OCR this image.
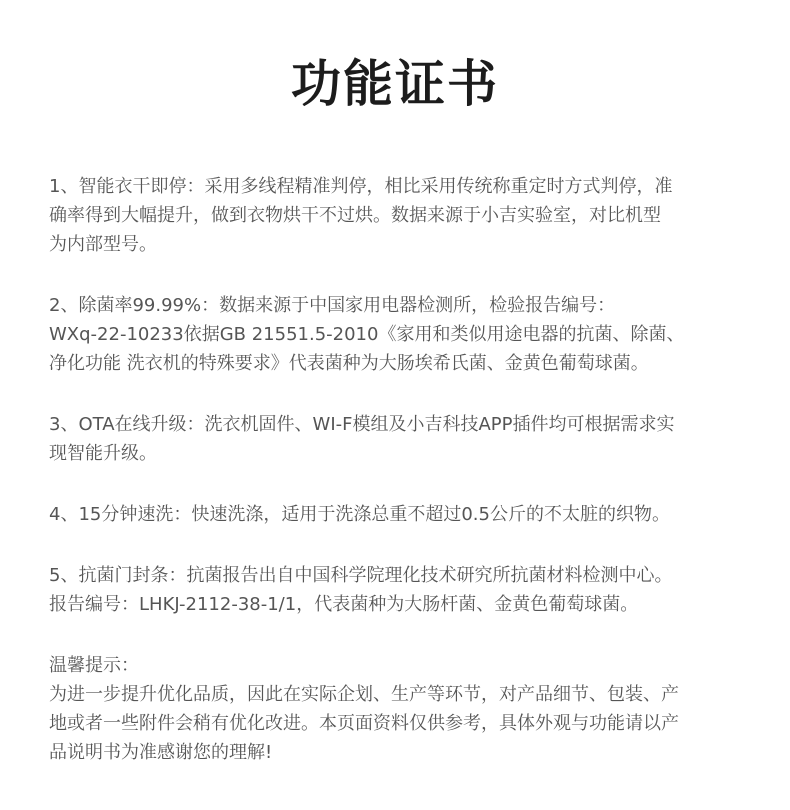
功能证书

1、智能衣干即停：采用多线程精准判停，相比采用传统称重定时方式判停，准
确率得到大幅提升，做到衣物烘干不过烘。数据来源于小吉实验室，对比机型
为内部型号。

2、除菌率99.99%：数据来源于中国家用电器检测所，检验报告编号：
WXq-22-10233依据GB 21551.5-2010《家用和类似用途电器的抗菌、除菌、
净化功能 洗衣机的特殊要求》代表菌种为大肠埃希氏菌、金黄色葡萄球菌。

3、OTA在线升级：洗衣机固件、WI-F模组及小吉科技APP插件均可根据需求实
现智能升级。

4、15分钟速洗：快速洗涤，适用于洗涤总重不超过0.5公斤的不太脏的织物。

5、抗菌门封条：抗菌报告出自中国科学院理化技术研究所抗菌材料检测中心。
报告编号：LHKJ-2112-38-1/1，代表菌种为大肠杆菌、金黄色葡萄球菌。

温馨提示：
为进一步提升优化品质，因此在实际企划、生产等环节，对产品细节、包装、产
地或者一些附件会稍有优化改进。本页面资料仅供参考，具体外观与功能请以产
品说明书为准感谢您的理解!
